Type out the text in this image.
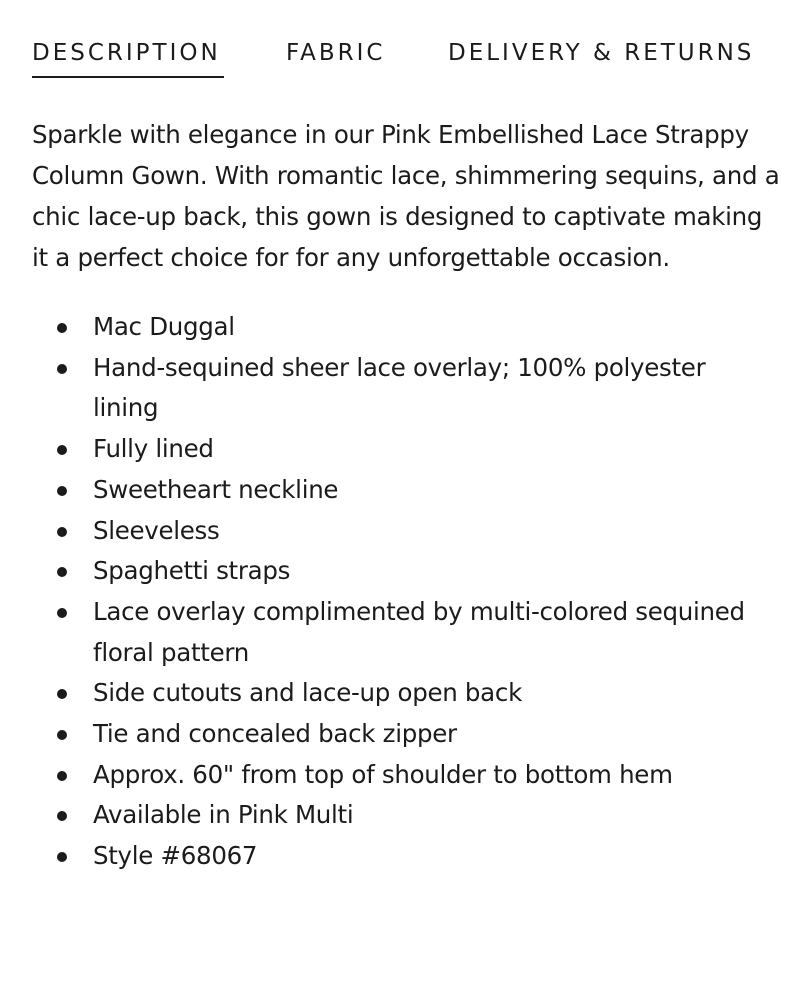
DESCRIPTION	FABRIC	DELIVERY & RETURNS

Sparkle with elegance in our Pink Embellished Lace Strappy Column Gown. With romantic lace, shimmering sequins, and a chic lace-up back, this gown is designed to captivate making it a perfect choice for for any unforgettable occasion.

Mac Duggal
Hand-sequined sheer lace overlay; 100% polyester lining
Fully lined
Sweetheart neckline
Sleeveless
Spaghetti straps
Lace overlay complimented by multi-colored sequined floral pattern
Side cutouts and lace-up open back
Tie and concealed back zipper
Approx. 60" from top of shoulder to bottom hem
Available in Pink Multi
Style #68067
